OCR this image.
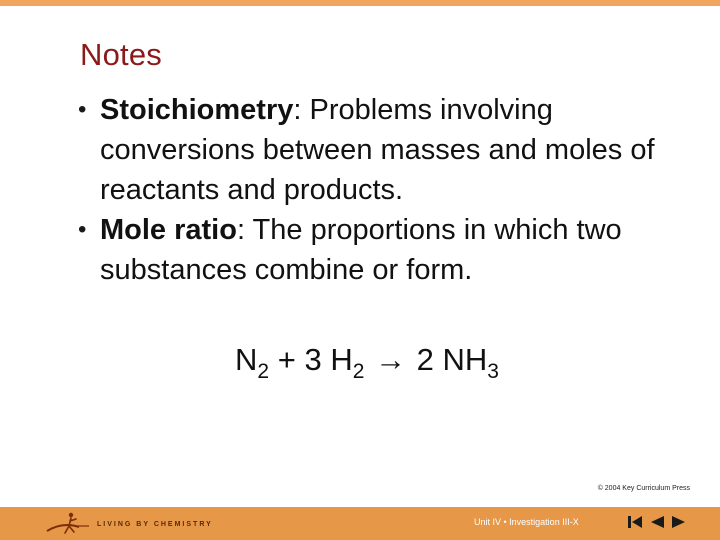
Notes
• Stoichiometry: Problems involving conversions between masses and moles of reactants and products.
• Mole ratio: The proportions in which two substances combine or form.
$N_2 + 3$ $H_2 \to 2$ $NH_3$
© 2004 Key Curriculum Press
LIVING BY CHEMISTRY	Unit IV • Investigation III-X
